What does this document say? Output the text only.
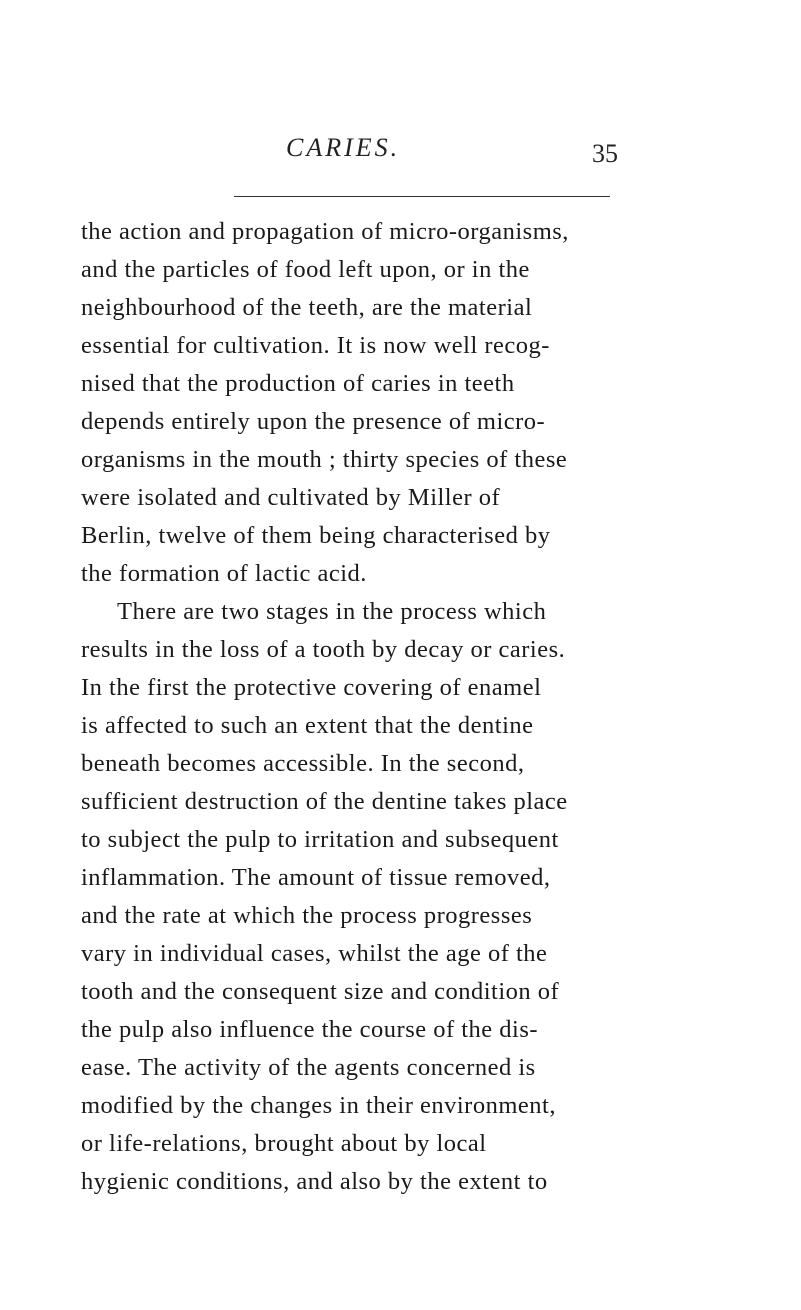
CARIES.	35
the action and propagation of micro-organisms,
and the particles of food left upon, or in the
neighbourhood of the teeth, are the material
essential for cultivation. It is now well recog-
nised that the production of caries in teeth
depends entirely upon the presence of micro-
organisms in the mouth ; thirty species of these
were isolated and cultivated by Miller of
Berlin, twelve of them being characterised by
the formation of lactic acid.
There are two stages in the process which
results in the loss of a tooth by decay or caries.
In the first the protective covering of enamel
is affected to such an extent that the dentine
beneath becomes accessible. In the second,
sufficient destruction of the dentine takes place
to subject the pulp to irritation and subsequent
inflammation. The amount of tissue removed,
and the rate at which the process progresses
vary in individual cases, whilst the age of the
tooth and the consequent size and condition of
the pulp also influence the course of the dis-
ease. The activity of the agents concerned is
modified by the changes in their environment,
or life-relations, brought about by local
hygienic conditions, and also by the extent to
